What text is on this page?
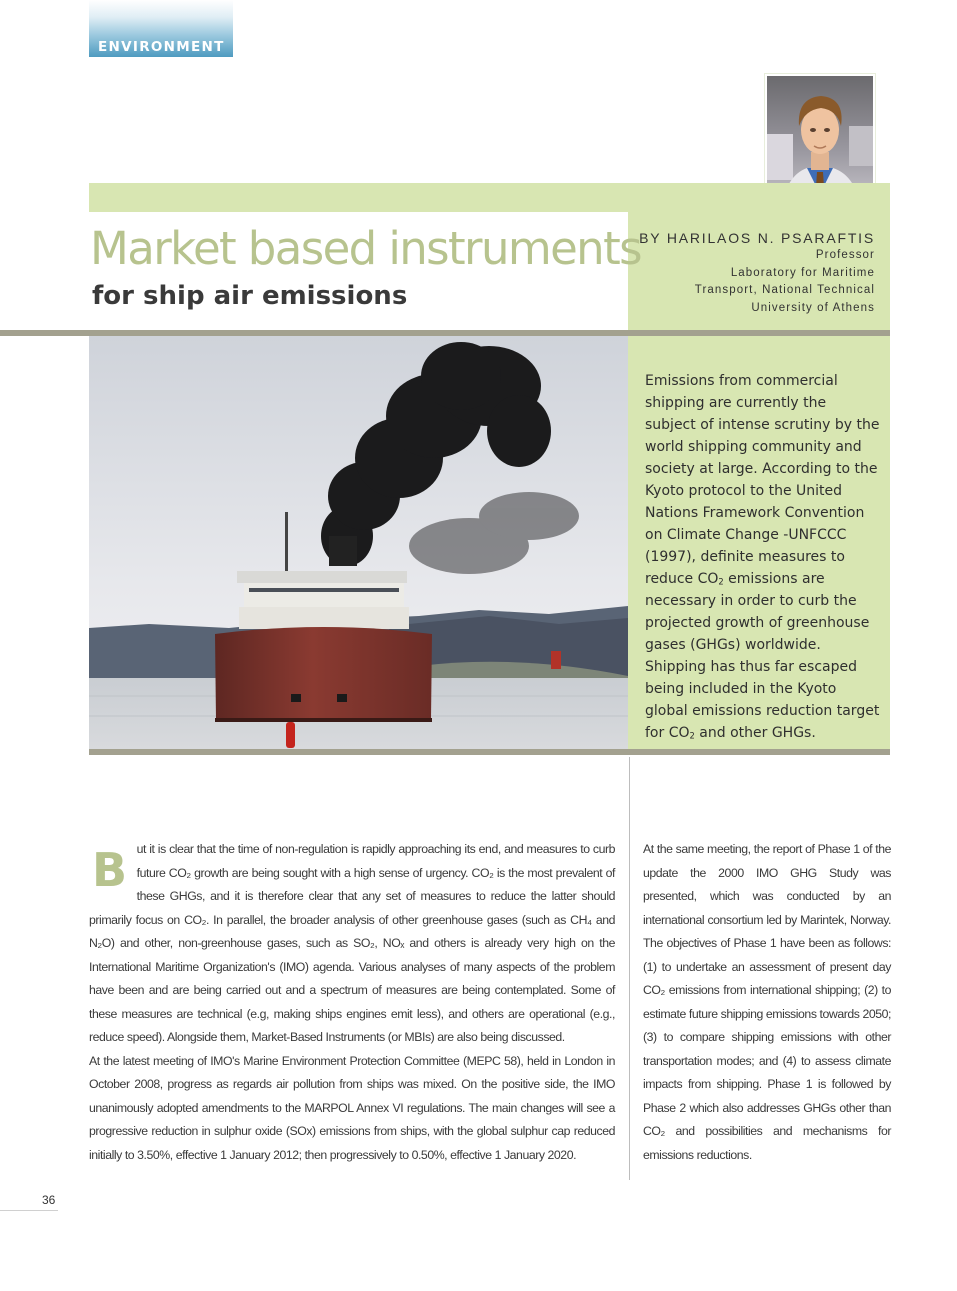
ENVIRONMENT
Market based instruments
for ship air emissions
BY HARILAOS N. PSARAFTIS
Professor
Laboratory for Maritime
Transport, National Technical
University of Athens

Emissions from commercial shipping are currently the subject of intense scrutiny by the world shipping community and society at large. According to the Kyoto protocol to the United Nations Framework Convention on Climate Change -UNFCCC (1997), definite measures to reduce $CO_2$ emissions are necessary in order to curb the projected growth of greenhouse gases (GHGs) worldwide. Shipping has thus far escaped being included in the Kyoto global emissions reduction target for $CO_2$ and other GHGs.

But it is clear that the time of non-regulation is rapidly approaching its end, and measures to curb future CO₂ growth are being sought with a high sense of urgency. CO₂ is the most prevalent of these GHGs, and it is therefore clear that any set of measures to reduce the latter should primarily focus on CO₂. In parallel, the broader analysis of other greenhouse gases (such as CH₄ and N₂O) and other, non-greenhouse gases, such as SO₂, NOₓ and others is already very high on the International Maritime Organization's (IMO) agenda. Various analyses of many aspects of the problem have been and are being carried out and a spectrum of measures are being contemplated. Some of these measures are technical (e.g, making ships engines emit less), and others are operational (e.g., reduce speed). Alongside them, Market-Based Instruments (or MBIs) are also being discussed.

At the latest meeting of IMO's Marine Environment Protection Committee (MEPC 58), held in London in October 2008, progress as regards air pollution from ships was mixed. On the positive side, the IMO unanimously adopted amendments to the MARPOL Annex VI regulations. The main changes will see a progressive reduction in sulphur oxide (SOx) emissions from ships, with the global sulphur cap reduced initially to 3.50%, effective 1 January 2012; then progressively to 0.50%, effective 1 January 2020.

At the same meeting, the report of Phase 1 of the update the 2000 IMO GHG Study was presented, which was conducted by an international consortium led by Marintek, Norway. The objectives of Phase 1 have been as follows: (1) to undertake an assessment of present day CO₂ emissions from international shipping; (2) to estimate future shipping emissions towards 2050; (3) to compare shipping emissions with other transportation modes; and (4) to assess climate impacts from shipping. Phase 1 is followed by Phase 2 which also addresses GHGs other than CO₂ and possibilities and mechanisms for emissions reductions.

36
